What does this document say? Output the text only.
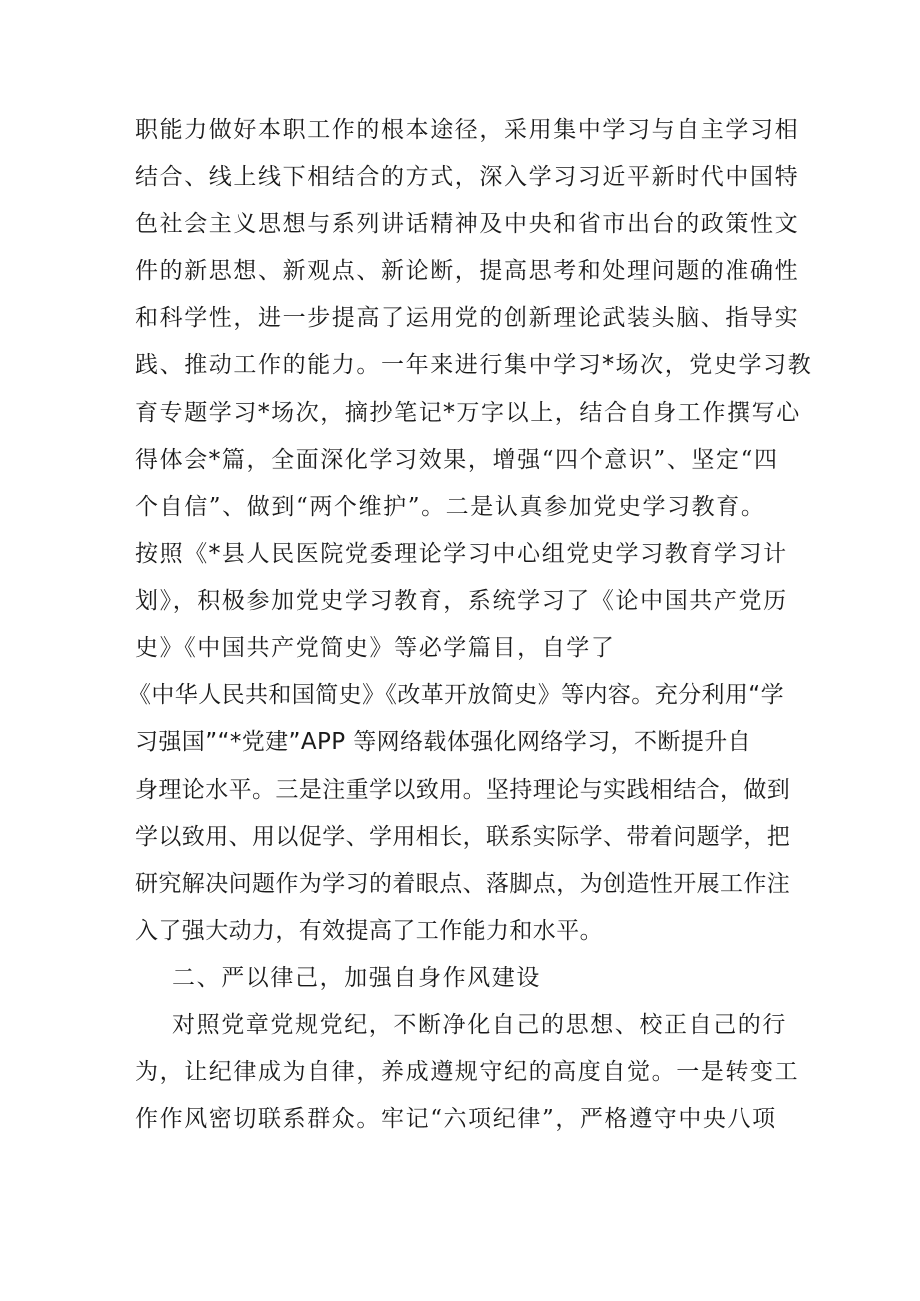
职能力做好本职工作的根本途径，采用集中学习与自主学习相
结合、线上线下相结合的方式，深入学习习近平新时代中国特
色社会主义思想与系列讲话精神及中央和省市出台的政策性文
件的新思想、新观点、新论断，提高思考和处理问题的准确性
和科学性，进一步提高了运用党的创新理论武装头脑、指导实
践、推动工作的能力。一年来进行集中学习*场次，党史学习教
育专题学习*场次，摘抄笔记*万字以上，结合自身工作撰写心
得体会*篇，全面深化学习效果，增强“四个意识”、坚定“四
个自信”、做到“两个维护”。二是认真参加党史学习教育。
按照《*县人民医院党委理论学习中心组党史学习教育学习计
划》，积极参加党史学习教育，系统学习了《论中国共产党历
史》《中国共产党简史》等必学篇目，自学了
《中华人民共和国简史》《改革开放简史》等内容。充分利用“学
习强国”“*党建”APP 等网络载体强化网络学习，不断提升自
身理论水平。三是注重学以致用。坚持理论与实践相结合，做到
学以致用、用以促学、学用相长，联系实际学、带着问题学，把
研究解决问题作为学习的着眼点、落脚点，为创造性开展工作注
入了强大动力，有效提高了工作能力和水平。
二、严以律己，加强自身作风建设
对照党章党规党纪，不断净化自己的思想、校正自己的行
为，让纪律成为自律，养成遵规守纪的高度自觉。一是转变工
作作风密切联系群众。牢记“六项纪律”，严格遵守中央八项
